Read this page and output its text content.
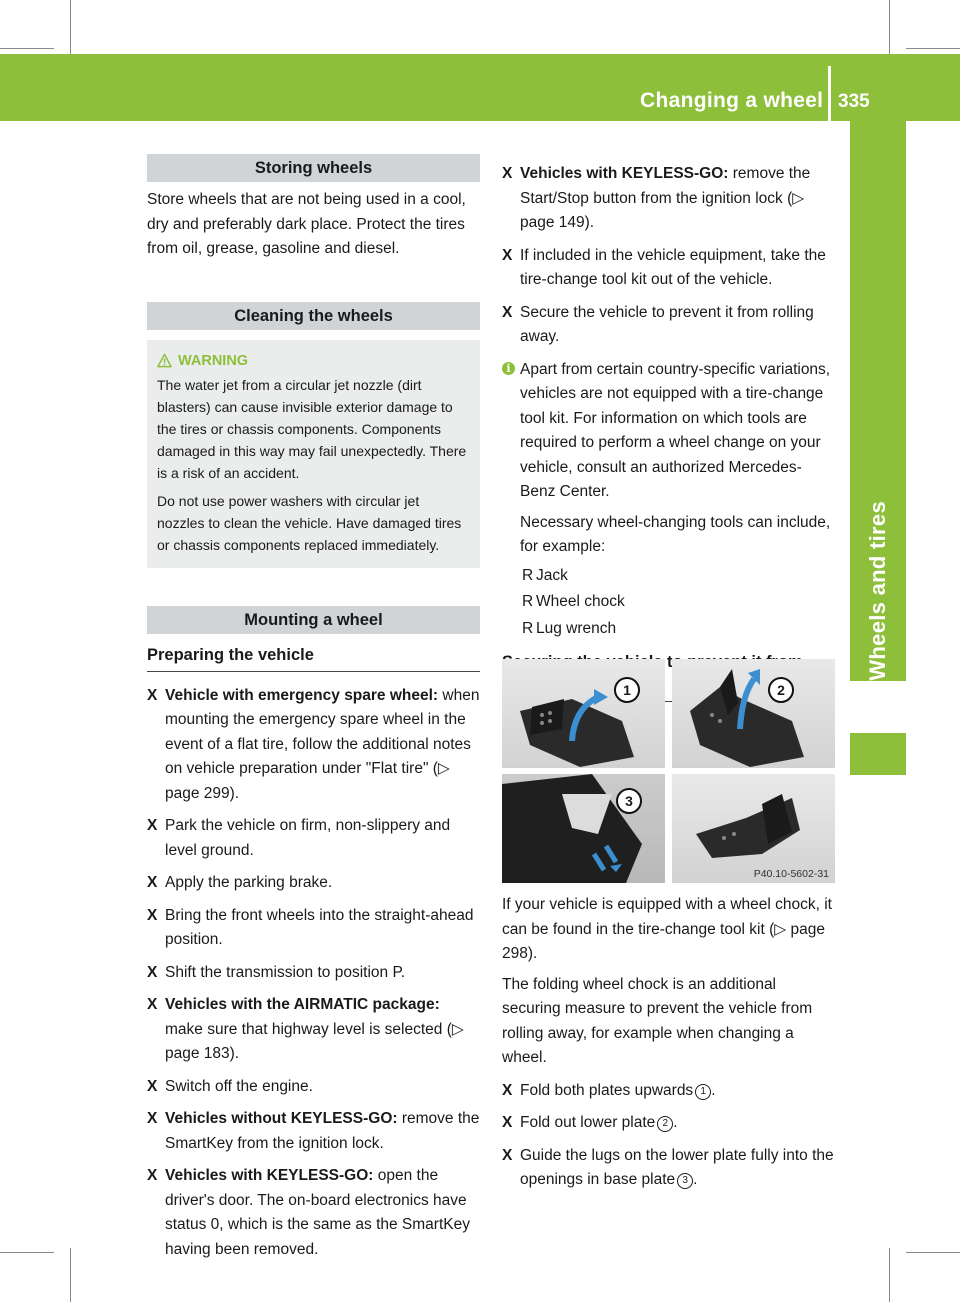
Changing a wheel 335
Wheels and tires
Storing wheels

Store wheels that are not being used in a cool, dry and preferably dark place. Protect the tires from oil, grease, gasoline and diesel.

Cleaning the wheels
WARNING

The water jet from a circular jet nozzle (dirt blasters) can cause invisible exterior damage to the tires or chassis components. Components damaged in this way may fail unexpectedly. There is a risk of an accident.

Do not use power washers with circular jet nozzles to clean the vehicle. Have damaged tires or chassis components replaced immediately.

Mounting a wheel
Preparing the vehicle
X Vehicle with emergency spare wheel: when mounting the emergency spare wheel in the event of a flat tire, follow the additional notes on vehicle preparation under "Flat tire" (▷ page 299).
X Park the vehicle on firm, non-slippery and level ground.
X Apply the parking brake.
X Bring the front wheels into the straight-ahead position.
X Shift the transmission to position P.
X Vehicles with the AIRMATIC package: make sure that highway level is selected (▷ page 183).
X Switch off the engine.
X Vehicles without KEYLESS-GO: remove the SmartKey from the ignition lock.
X Vehicles with KEYLESS-GO: open the driver's door. The on-board electronics have status 0, which is the same as the SmartKey having been removed.
X Vehicles with KEYLESS-GO: remove the Start/Stop button from the ignition lock (▷ page 149).
X If included in the vehicle equipment, take the tire-change tool kit out of the vehicle.
X Secure the vehicle to prevent it from rolling away.
i Apart from certain country-specific variations, vehicles are not equipped with a tire-change tool kit. For information on which tools are required to perform a wheel change on your vehicle, consult an authorized Mercedes-Benz Center.

Necessary wheel-changing tools can include, for example:

R Jack
R Wheel chock
R Lug wrench
1	2
3
P40.10-5602-31

If your vehicle is equipped with a wheel chock, it can be found in the tire-change tool kit (▷ page 298).

The folding wheel chock is an additional securing measure to prevent the vehicle from rolling away, for example when changing a wheel.

X Fold both plates upwards 1 .
X Fold out lower plate 2 .
X Guide the lugs on the lower plate fully into the openings in base plate 3 .
